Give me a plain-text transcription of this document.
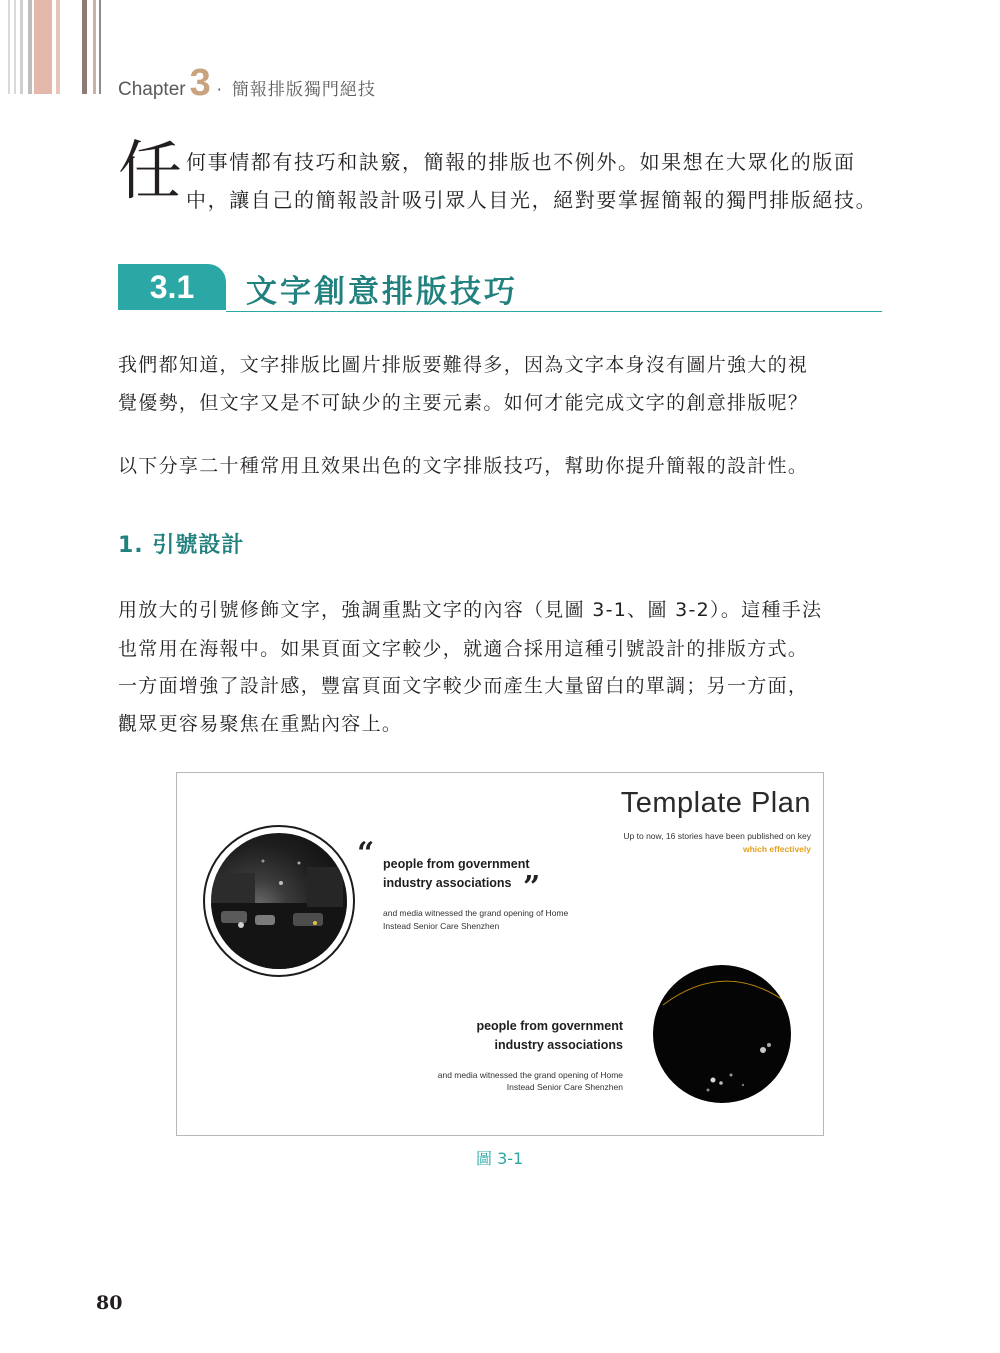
Chapter 3 · 簡報排版獨門絕技
任 何事情都有技巧和訣竅，簡報的排版也不例外。如果想在大眾化的版面
中，讓自己的簡報設計吸引眾人目光，絕對要掌握簡報的獨門排版絕技。
3.1	文字創意排版技巧
我們都知道，文字排版比圖片排版要難得多，因為文字本身沒有圖片強大的視
覺優勢，但文字又是不可缺少的主要元素。如何才能完成文字的創意排版呢？
以下分享二十種常用且效果出色的文字排版技巧，幫助你提升簡報的設計性。
1. 引號設計
用放大的引號修飾文字，強調重點文字的內容（見圖 3-1、圖 3-2）。這種手法
也常用在海報中。如果頁面文字較少，就適合採用這種引號設計的排版方式。
一方面增強了設計感，豐富頁面文字較少而產生大量留白的單調；另一方面，
觀眾更容易聚焦在重點內容上。
Template Plan
Up to now, 16 stories have been published on key
which effectively
“ people from government
industry associations ”
and media witnessed the grand opening of Home
Instead Senior Care Shenzhen
people from government
industry associations
and media witnessed the grand opening of Home
Instead Senior Care Shenzhen
圖 3-1
80
